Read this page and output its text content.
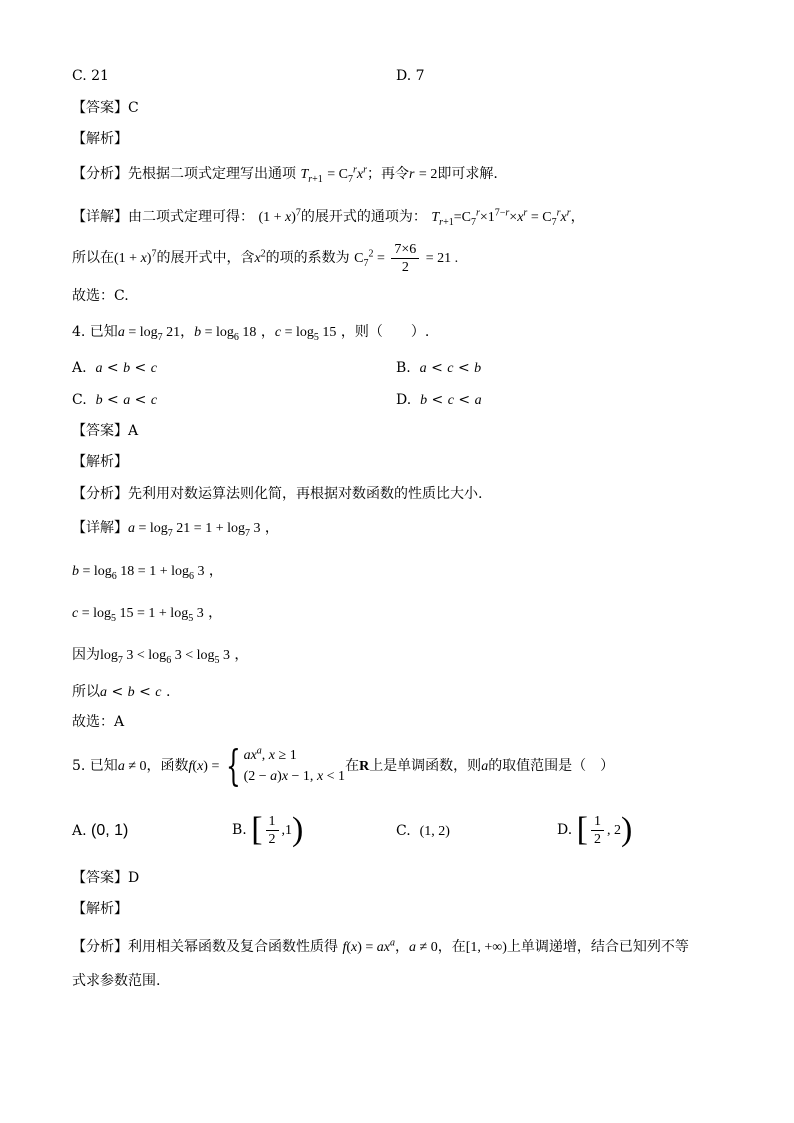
C. 21	D. 7
【答案】C
【解析】
【分析】先根据二项式定理写出通项 $T_{r+1} = C_7^rx^r$；再令r = 2即可求解.
【详解】由二项式定理可得： $(1 + x)^7$的展开式的通项为： $T_{r+1}=C_7^r\times 1^{7-r}\times x^r = C_7^rx^r$，
所以在$(1 + x)^7$的展开式中，含$x^2$的项的系数为 $C_7^2 = \frac{7\times 6}{2} = 21$ .
故选：C.
4. 已知$a = \log_7 21$，$b = \log_6 18$ ，$c = \log_5 15$ ，则（　　）.
A. a < b < c	B. a < c < b
C. b < a < c	D. b < c < a
【答案】A
【解析】
【分析】先利用对数运算法则化简，再根据对数函数的性质比大小.
【详解】$a = \log_7 21 = 1 + \log_7 3$ ，
$b = \log_6 18 = 1 + \log_6 3$ ，
$c = \log_5 15 = 1 + \log_5 3$ ，
因为$\log_7 3 < \log_6 3 < \log_5 3$ ，
所以a < b < c .
故选：A
5. 已知a ≠ 0，函数f(x) = { $ax^a$, x ≥ 1
(2 − a)x − 1, x < 1
在R上是单调函数，则a的取值范围是（　）
A. (0, 1)	B. [ $\frac{1}{2} ,1$)	C. (1, 2)	D. [ $\frac{1}{2}$ , 2)
【答案】D
【解析】
【分析】利用相关幂函数及复合函数性质得 $f(x) = ax^a$，a ≠ 0，在[1, +∞)上单调递增，结合已知列不等
式求参数范围.
